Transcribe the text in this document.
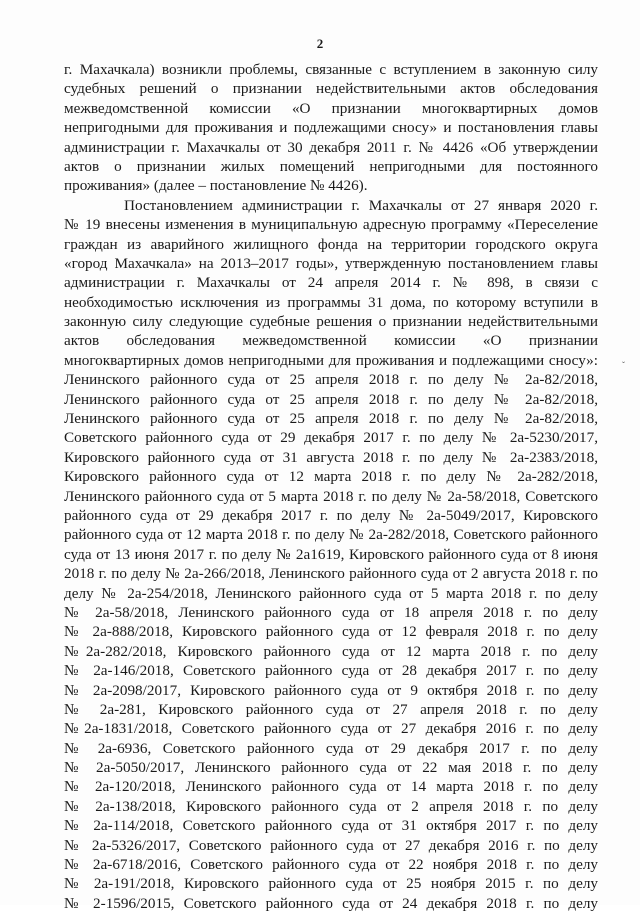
2
ˇ
г. Махачкала) возникли проблемы, связанные с вступлением в законную силу
судебных решений о признании недействительными актов обследования
межведомственной комиссии «О признании многоквартирных домов
непригодными для проживания и подлежащими сносу» и постановления главы
администрации г. Махачкалы от 30 декабря 2011 г. № 4426 «Об утверждении
актов о признании жилых помещений непригодными для постоянного
проживания» (далее – постановление № 4426).
Постановлением администрации г. Махачкалы от 27 января 2020 г.
№ 19 внесены изменения в муниципальную адресную программу «Переселение
граждан из аварийного жилищного фонда на территории городского округа
«город Махачкала» на 2013–2017 годы», утвержденную постановлением главы
администрации г. Махачкалы от 24 апреля 2014 г. № 898, в связи с
необходимостью исключения из программы 31 дома, по которому вступили в
законную силу следующие судебные решения о признании недействительными
актов обследования межведомственной комиссии «О признании
многоквартирных домов непригодными для проживания и подлежащими сносу»:
Ленинского районного суда от 25 апреля 2018 г. по делу № 2а-82/2018,
Ленинского районного суда от 25 апреля 2018 г. по делу № 2а-82/2018,
Ленинского районного суда от 25 апреля 2018 г. по делу № 2а-82/2018,
Советского районного суда от 29 декабря 2017 г. по делу № 2а-5230/2017,
Кировского районного суда от 31 августа 2018 г. по делу № 2а-2383/2018,
Кировского районного суда от 12 марта 2018 г. по делу № 2а-282/2018,
Ленинского районного суда от 5 марта 2018 г. по делу № 2а-58/2018, Советского
районного суда от 29 декабря 2017 г. по делу № 2а-5049/2017, Кировского
районного суда от 12 марта 2018 г. по делу № 2а-282/2018, Советского районного
суда от 13 июня 2017 г. по делу № 2а1619, Кировского районного суда от 8 июня
2018 г. по делу № 2а-266/2018, Ленинского районного суда от 2 августа 2018 г. по
делу № 2а-254/2018, Ленинского районного суда от 5 марта 2018 г. по делу
№ 2а-58/2018, Ленинского районного суда от 18 апреля 2018 г. по делу
№ 2а-888/2018, Кировского районного суда от 12 февраля 2018 г. по делу
№2а-282/2018, Кировского районного суда от 12 марта 2018 г. по делу
№ 2а-146/2018, Советского районного суда от 28 декабря 2017 г. по делу
№ 2а-2098/2017, Кировского районного суда от 9 октября 2018 г. по делу
№ 2а-281, Кировского районного суда от 27 апреля 2018 г. по делу
№2а-1831/2018, Советского районного суда от 27 декабря 2016 г. по делу
№ 2а-6936, Советского районного суда от 29 декабря 2017 г. по делу
№ 2а-5050/2017, Ленинского районного суда от 22 мая 2018 г. по делу
№ 2а-120/2018, Ленинского районного суда от 14 марта 2018 г. по делу
№ 2а-138/2018, Кировского районного суда от 2 апреля 2018 г. по делу
№ 2а-114/2018, Советского районного суда от 31 октября 2017 г. по делу
№ 2а-5326/2017, Советского районного суда от 27 декабря 2016 г. по делу
№ 2а-6718/2016, Советского районного суда от 22 ноября 2018 г. по делу
№ 2а-191/2018, Кировского районного суда от 25 ноября 2015 г. по делу
№ 2-1596/2015, Советского районного суда от 24 декабря 2018 г. по делу
